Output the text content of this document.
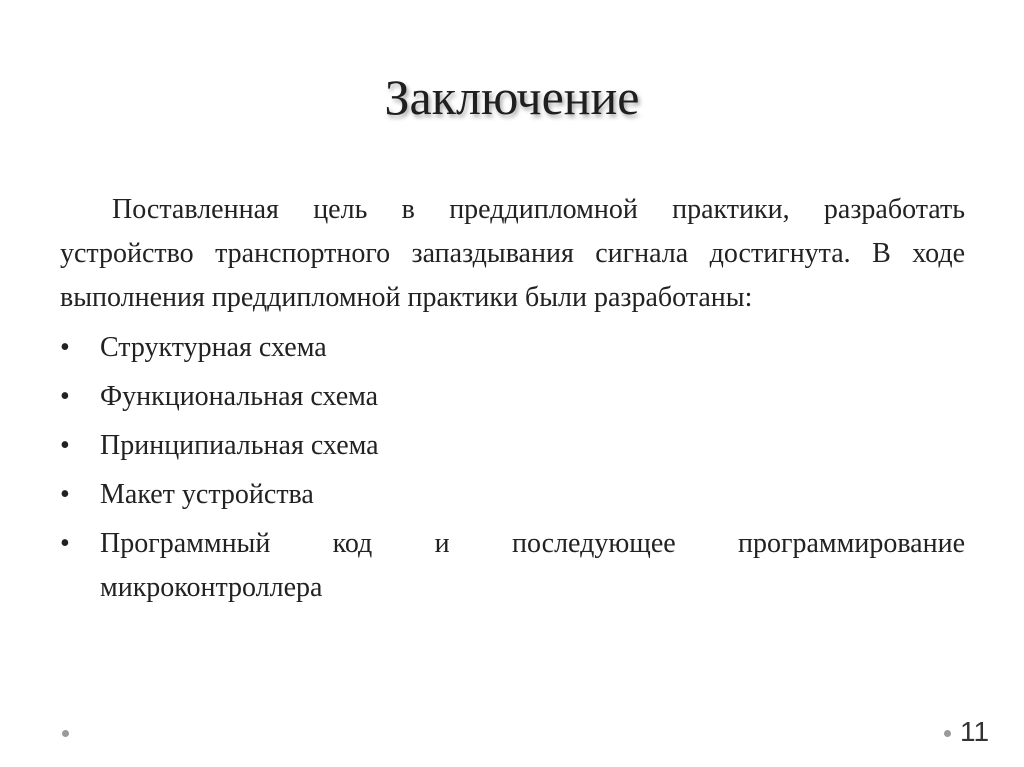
Заключение

Поставленная цель в преддипломной практики, разработать устройство транспортного запаздывания сигнала достигнута. В ходе выполнения преддипломной практики были разработаны:

•	Структурная схема
•	Функциональная схема
•	Принципиальная схема
•	Макет устройства
•	Программный код и последующее программирование микроконтроллера
11
